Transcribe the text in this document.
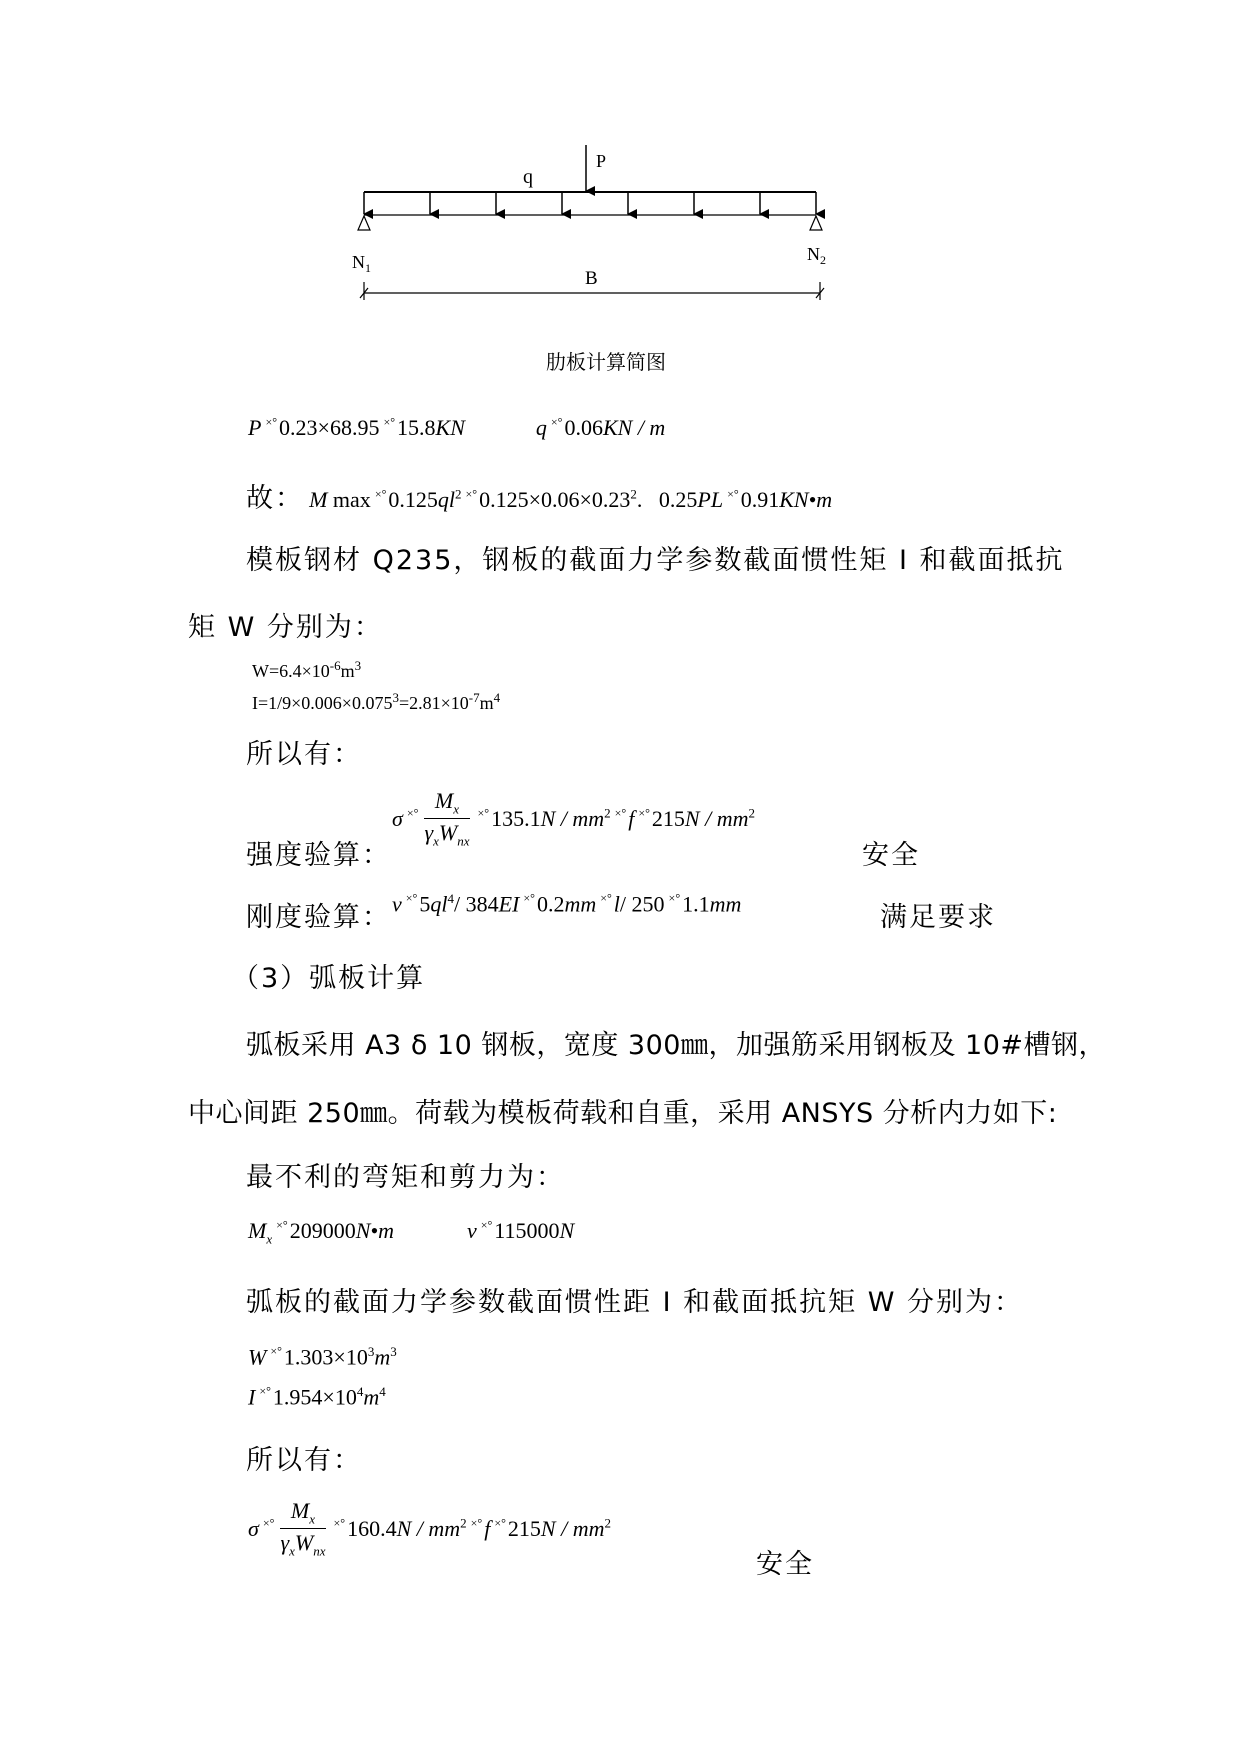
P
q
$N_1$
$N_2$
B
肋板计算简图
P ×°0.23×68.95 ×°15.8KN	q ×°0.06KN / m
故： M $\max ^{\times^\circ}0.125ql^2$ $^{\times^\circ}0.125\times 0.06\times 0.23^2$.   0.25PL ×°0.91KN•m
模板钢材 Q235，钢板的截面力学参数截面惯性矩 I 和截面抵抗
矩 W 分别为：
$W=6.4\times 10^{-6}m^3$
$I=1/9\times 0.006\times 0.075^3=2.81\times 10^{-7}m^4$
所以有：
强度验算：
σ $^{\times^\circ} \frac{M_x}{\gamma_xW_{nx}} ^{\times^\circ}135.1N / mm^2$ ×°f $^{\times^\circ}215N / mm^2$
安全
刚度验算： v $^{\times^\circ}5ql^4/$ 384EI ×°0.2mm ×°l/ 250 ×°1.1mm	满足要求
（3）弧板计算
弧板采用 A3 δ 10 钢板，宽度 300㎜，加强筋采用钢板及 10#槽钢，
中心间距 250㎜。荷载为模板荷载和自重，采用 ANSYS 分析内力如下:
最不利的弯矩和剪力为：
$M_x^{\times^\circ}209000N•m$	v ×°115000N
弧板的截面力学参数截面惯性距 I 和截面抵抗矩 W 分别为：
W $^{\times^\circ}1.303\times 10^3m^3$
I $^{\times^\circ}1.954\times 10^4m^4$
所以有：
σ $^{\times^\circ} \frac{M_x}{\gamma_xW_{nx}} ^{\times^\circ}160.4N / mm^2$ ×°f $^{\times^\circ}215N / mm^2$
安全
